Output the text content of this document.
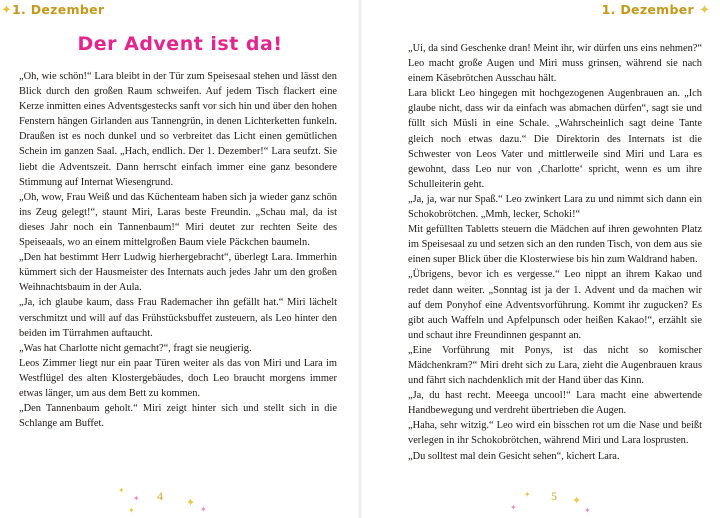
✦ 1. Dezember
Der Advent ist da!

„Oh, wie schön!“ Lara bleibt in der Tür zum Speisesaal stehen und lässt den Blick durch den großen Raum schweifen. Auf jedem Tisch flackert eine Kerze inmitten eines Adventsgestecks sanft vor sich hin und über den hohen Fenstern hängen Girlanden aus Tannengrün, in denen Lichterketten funkeln. Draußen ist es noch dunkel und so verbreitet das Licht einen gemütlichen Schein im ganzen Saal. „Hach, endlich. Der 1. Dezember!“ Lara seufzt. Sie liebt die Adventszeit. Dann herrscht einfach immer eine ganz besondere Stimmung auf Internat Wiesengrund.

„Oh, wow, Frau Weiß und das Küchenteam haben sich ja wieder ganz schön ins Zeug gelegt!“, staunt Miri, Laras beste Freundin. „Schau mal, da ist dieses Jahr noch ein Tannenbaum!“ Miri deutet zur rechten Seite des Speiseaals, wo an einem mittelgroßen Baum viele Päckchen baumeln.

„Den hat bestimmt Herr Ludwig hierhergebracht“, überlegt Lara. Immerhin kümmert sich der Hausmeister des Internats auch jedes Jahr um den großen Weihnachtsbaum in der Aula.

„Ja, ich glaube kaum, dass Frau Rademacher ihn gefällt hat.“ Miri lächelt verschmitzt und will auf das Frühstücksbuffet zusteuern, als Leo hinter den beiden im Türrahmen auftaucht.

„Was hat Charlotte nicht gemacht?“, fragt sie neugierig.

Leos Zimmer liegt nur ein paar Türen weiter als das von Miri und Lara im Westflügel des alten Klostergebäudes, doch Leo braucht morgens immer etwas länger, um aus dem Bett zu kommen.

„Den Tannenbaum geholt.“ Miri zeigt hinter sich und stellt sich in die Schlange am Buffet.

✦
✦
✦
4	✦
✦
1. Dezember ✦

„Ui, da sind Geschenke dran! Meint ihr, wir dürfen uns eins nehmen?“ Leo macht große Augen und Miri muss grinsen, während sie nach einem Käsebrötchen Ausschau hält.

Lara blickt Leo hingegen mit hochgezogenen Augenbrauen an. „Ich glaube nicht, dass wir da einfach was abmachen dürfen“, sagt sie und füllt sich Müsli in eine Schale. „Wahrscheinlich sagt deine Tante gleich noch etwas dazu.“ Die Direktorin des Internats ist die Schwester von Leos Vater und mittlerweile sind Miri und Lara es gewohnt, dass Leo nur von ‚Charlotte‘ spricht, wenn es um ihre Schulleiterin geht.

„Ja, ja, war nur Spaß.“ Leo zwinkert Lara zu und nimmt sich dann ein Schokobrötchen. „Mmh, lecker, Schoki!“

Mit gefüllten Tabletts steuern die Mädchen auf ihren gewohnten Platz im Speisesaal zu und setzen sich an den runden Tisch, von dem aus sie einen super Blick über die Klosterwiese bis hin zum Waldrand haben.

„Übrigens, bevor ich es vergesse.“ Leo nippt an ihrem Kakao und redet dann weiter. „Sonntag ist ja der 1. Advent und da machen wir auf dem Ponyhof eine Adventsvorführung. Kommt ihr zugucken? Es gibt auch Waffeln und Apfelpunsch oder heißen Kakao!“, erzählt sie und schaut ihre Freundinnen gespannt an.

„Eine Vorführung mit Ponys, ist das nicht so komischer Mädchenkram?“ Miri dreht sich zu Lara, zieht die Augenbrauen kraus und fährt sich nachdenklich mit der Hand über das Kinn.

„Ja, du hast recht. Meeega uncool!“ Lara macht eine abwertende Handbewegung und verdreht übertrieben die Augen.

„Haha, sehr witzig.“ Leo wird ein bisschen rot um die Nase und beißt verlegen in ihr Schokobrötchen, während Miri und Lara losprusten.

„Du solltest mal dein Gesicht sehen“, kichert Lara.

✦
✦	5	✦
✦
